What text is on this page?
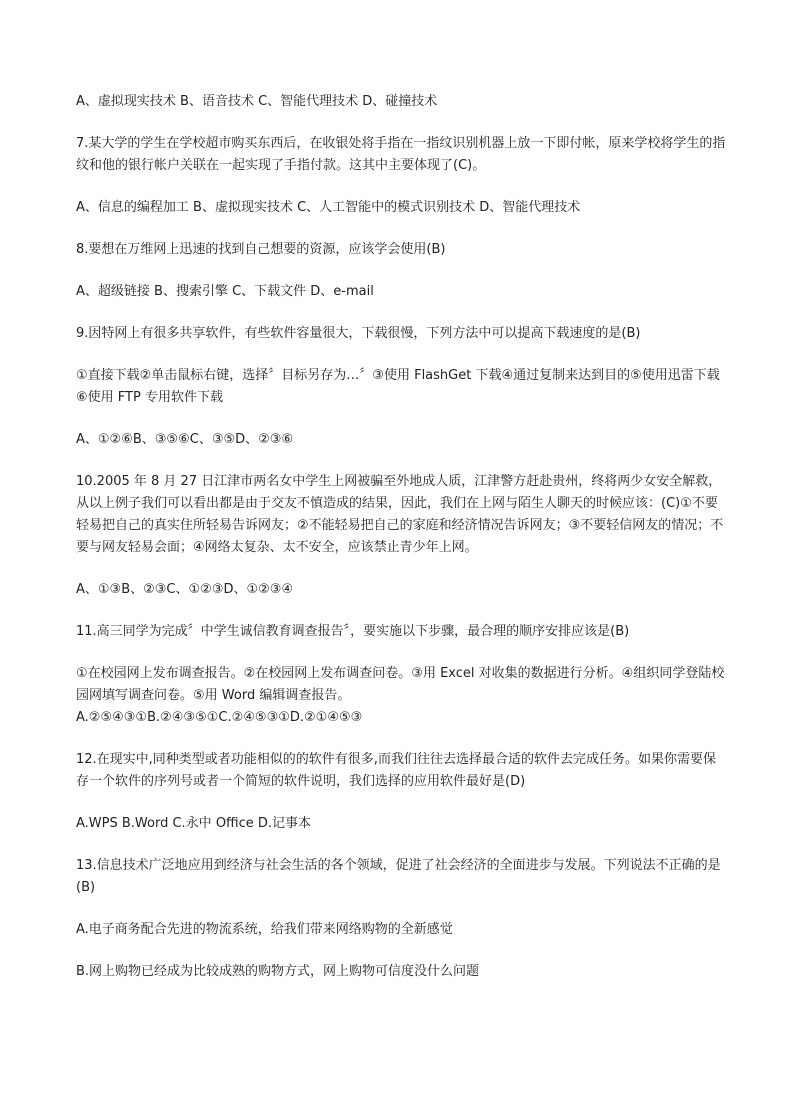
A、虚拟现实技术 B、语音技术 C、智能代理技术 D、碰撞技术

7.某大学的学生在学校超市购买东西后，在收银处将手指在一指纹识别机器上放一下即付帐，原来学校将学生的指纹和他的银行帐户关联在一起实现了手指付款。这其中主要体现了(C)。

A、信息的编程加工 B、虚拟现实技术 C、人工智能中的模式识别技术 D、智能代理技术

8.要想在万维网上迅速的找到自己想要的资源，应该学会使用(B)

A、超级链接 B、搜索引擎 C、下载文件 D、e-mail

9.因特网上有很多共享软件，有些软件容量很大，下载很慢，下列方法中可以提高下载速度的是(B)

①直接下载②单击鼠标右键，选择〞目标另存为…〞③使用 FlashGet 下载④通过复制来达到目的⑤使用迅雷下载⑥使用 FTP 专用软件下载

A、①②⑥B、③⑤⑥C、③⑤D、②③⑥

10.2005 年 8 月 27 日江津市两名女中学生上网被骗至外地成人质，江津警方赶赴贵州，终将两少女安全解救，从以上例子我们可以看出都是由于交友不慎造成的结果，因此，我们在上网与陌生人聊天的时候应该：(C)①不要轻易把自己的真实住所轻易告诉网友；②不能轻易把自己的家庭和经济情况告诉网友；③不要轻信网友的情况；不要与网友轻易会面；④网络太复杂、太不安全，应该禁止青少年上网。

A、①③B、②③C、①②③D、①②③④

11.高三同学为完成〞中学生诚信教育调查报告〞，要实施以下步骤，最合理的顺序安排应该是(B)

①在校园网上发布调查报告。②在校园网上发布调查问卷。③用 Excel 对收集的数据进行分析。④组织同学登陆校园网填写调查问卷。⑤用 Word 编辑调查报告。

A.②⑤④③①B.②④③⑤①C.②④⑤③①D.②①④⑤③

12.在现实中,同种类型或者功能相似的的软件有很多,而我们往往去选择最合适的软件去完成任务。如果你需要保存一个软件的序列号或者一个简短的软件说明，我们选择的应用软件最好是(D)

A.WPS B.Word C.永中 Office D.记事本

13.信息技术广泛地应用到经济与社会生活的各个领域，促进了社会经济的全面进步与发展。下列说法不正确的是(B)

A.电子商务配合先进的物流系统，给我们带来网络购物的全新感觉

B.网上购物已经成为比较成熟的购物方式，网上购物可信度没什么问题
